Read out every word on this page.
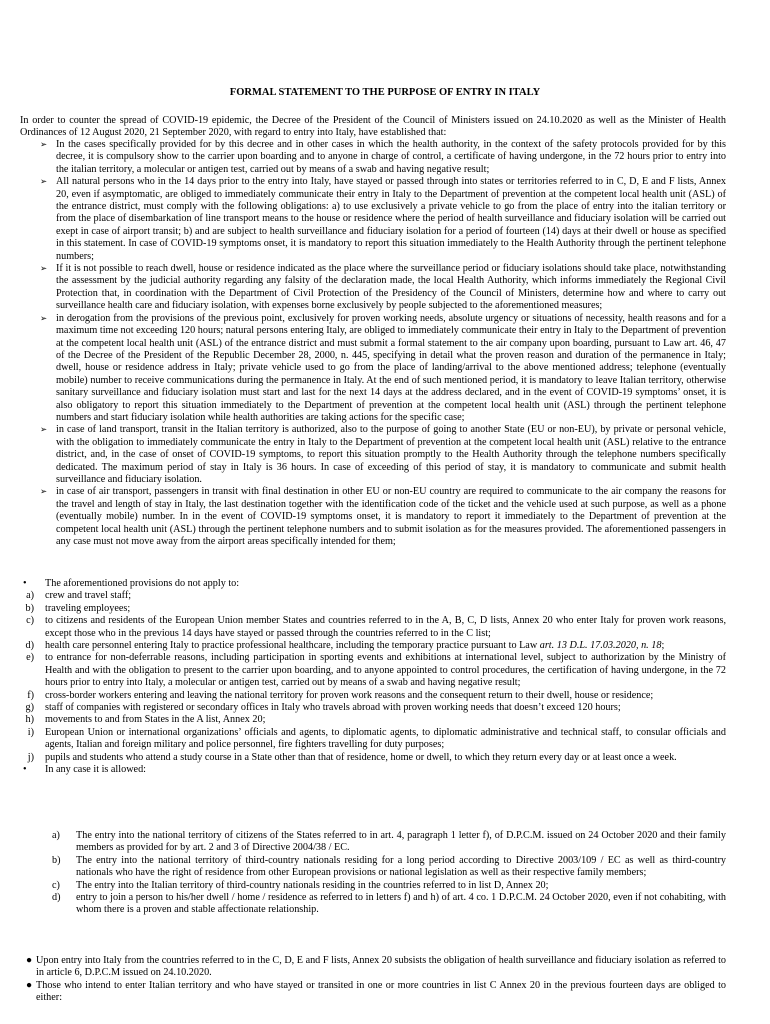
FORMAL STATEMENT TO THE PURPOSE OF ENTRY IN ITALY
In order to counter the spread of COVID-19 epidemic, the Decree of the President of the Council of Ministers issued on 24.10.2020 as well as the Minister of Health Ordinances of 12 August 2020, 21 September 2020, with regard to entry into Italy, have established that:
➢ In the cases specifically provided for by this decree and in other cases in which the health authority, in the context of the safety protocols provided for by this decree, it is compulsory show to the carrier upon boarding and to anyone in charge of control, a certificate of having undergone, in the 72 hours prior to entry into the italian territory, a molecular or antigen test, carried out by means of a swab and having negative result;
➢ All natural persons who in the 14 days prior to the entry into Italy, have stayed or passed through into states or territories referred to in C, D, E and F lists, Annex 20, even if asymptomatic, are obliged to immediately communicate their entry in Italy to the Department of prevention at the competent local health unit (ASL) of the entrance district, must comply with the following obligations: a) to use exclusively a private vehicle to go from the place of entry into the italian territory or from the place of disembarkation of line transport means to the house or residence where the period of health surveillance and fiduciary isolation will be carried out exept in case of airport transit; b) and are subject to health surveillance and fiduciary isolation for a period of fourteen (14) days at their dwell or house as specified in this statement. In case of COVID-19 symptoms onset, it is mandatory to report this situation immediately to the Health Authority through the pertinent telephone numbers;
➢ If it is not possible to reach dwell, house or residence indicated as the place where the surveillance period or fiduciary isolations should take place, notwithstanding the assessment by the judicial authority regarding any falsity of the declaration made, the local Health Authority, which informs immediately the Regional Civil Protection that, in coordination with the Department of Civil Protection of the Presidency of the Council of Ministers, determine how and where to carry out surveillance health care and fiduciary isolation, with expenses borne exclusively by people subjected to the aforementioned measures;
➢ in derogation from the provisions of the previous point, exclusively for proven working needs, absolute urgency or situations of necessity, health reasons and for a maximum time not exceeding 120 hours; natural persons entering Italy, are obliged to immediately communicate their entry in Italy to the Department of prevention at the competent local health unit (ASL) of the entrance district and must submit a formal statement to the air company upon boarding, pursuant to Law art. 46, 47 of the Decree of the President of the Republic December 28, 2000, n. 445, specifying in detail what the proven reason and duration of the permanence in Italy; dwell, house or residence address in Italy; private vehicle used to go from the place of landing/arrival to the above mentioned address; telephone (eventually mobile) number to receive communications during the permanence in Italy. At the end of such mentioned period, it is mandatory to leave Italian territory, otherwise sanitary surveillance and fiduciary isolation must start and last for the next 14 days at the address declared, and in the event of COVID-19 symptoms’ onset, it is also obligatory to report this situation immediately to the Department of prevention at the competent local health unit (ASL) through the pertinent telephone numbers and start fiduciary isolation while health authorities are taking actions for the specific case;
➢ in case of land transport, transit in the Italian territory is authorized, also to the purpose of going to another State (EU or non-EU), by private or personal vehicle, with the obligation to immediately communicate the entry in Italy to the Department of prevention at the competent local health unit (ASL) relative to the entrance district, and, in the case of onset of COVID-19 symptoms, to report this situation promptly to the Health Authority through the telephone numbers specifically dedicated. The maximum period of stay in Italy is 36 hours. In case of exceeding of this period of stay, it is mandatory to communicate and submit health surveillance and fiduciary isolation.
➢ in case of air transport, passengers in transit with final destination in other EU or non-EU country are required to communicate to the air company the reasons for the travel and length of stay in Italy, the last destination together with the identification code of the ticket and the vehicle used at such purpose, as well as a phone (eventually mobile) number. In in the event of COVID-19 symptoms onset, it is mandatory to report it immediately to the Department of prevention at the competent local health unit (ASL) through the pertinent telephone numbers and to submit isolation as for the measures provided. The aforementioned passengers in any case must not move away from the airport areas specifically intended for them;
• The aforementioned provisions do not apply to:
a) crew and travel staff;
b) traveling employees;
c) to citizens and residents of the European Union member States and countries referred to in the A, B, C, D lists, Annex 20 who enter Italy for proven work reasons, except those who in the previous 14 days have stayed or passed through the countries referred to in the C list;
d) health care personnel entering Italy to practice professional healthcare, including the temporary practice pursuant to Law art. 13 D.L. 17.03.2020, n. 18;
e) to entrance for non-deferrable reasons, including participation in sporting events and exhibitions at international level, subject to authorization by the Ministry of Health and with the obligation to present to the carrier upon boarding, and to anyone appointed to control procedures, the certification of having undergone, in the 72 hours prior to entry into Italy, a molecular or antigen test, carried out by means of a swab and having negative result;
f) cross-border workers entering and leaving the national territory for proven work reasons and the consequent return to their dwell, house or residence;
g) staff of companies with registered or secondary offices in Italy who travels abroad with proven working needs that doesn’t exceed 120 hours;
h) movements to and from States in the A list, Annex 20;
i) European Union or international organizations’ officials and agents, to diplomatic agents, to diplomatic administrative and technical staff, to consular officials and agents, Italian and foreign military and police personnel, fire fighters travelling for duty purposes;
j) pupils and students who attend a study course in a State other than that of residence, home or dwell, to which they return every day or at least once a week.
• In any case it is allowed:
a) The entry into the national territory of citizens of the States referred to in art. 4, paragraph 1 letter f), of D.P.C.M. issued on 24 October 2020 and their family members as provided for by art. 2 and 3 of Directive 2004/38 / EC.
b) The entry into the national territory of third-country nationals residing for a long period according to Directive 2003/109 / EC as well as third-country nationals who have the right of residence from other European provisions or national legislation as well as their respective family members;
c) The entry into the Italian territory of third-country nationals residing in the countries referred to in list D, Annex 20;
d) entry to join a person to his/her dwell / home / residence as referred to in letters f) and h) of art. 4 co. 1 D.P.C.M. 24 October 2020, even if not cohabiting, with whom there is a proven and stable affectionate relationship.
● Upon entry into Italy from the countries referred to in the C, D, E and F lists, Annex 20 subsists the obligation of health surveillance and fiduciary isolation as referred to in article 6, D.P.C.M issued on 24.10.2020.
● Those who intend to enter Italian territory and who have stayed or transited in one or more countries in list C Annex 20 in the previous fourteen days are obliged to either:
